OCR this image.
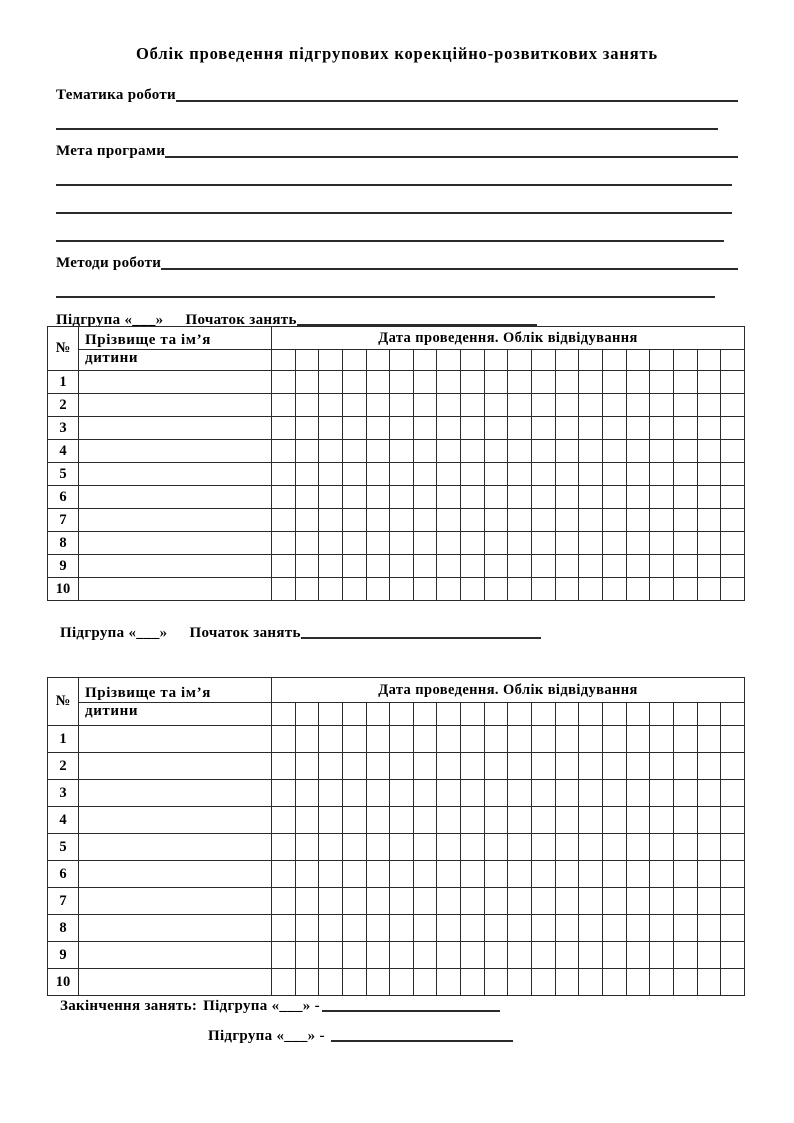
Облік проведення підгрупових корекційно-розвиткових занять
Тематика роботи
Мета програми
Методи роботи
Підгрупа «___» Початок занять
№	Прізвище та ім’я	Дата проведення. Облік відвідування																			
	дитини																				
1																					
2																					
3																					
4																					
5																					
6																					
7																					
8																					
9																					
10																					
Підгрупа «___» Початок занять
№	Прізвище та ім’я	Дата проведення. Облік відвідування																			
	дитини																				
1																					
2																					
3																					
4																					
5																					
6																					
7																					
8																					
9																					
10																					
Закінчення занять: Підгрупа «___» -
Підгрупа «___» -
